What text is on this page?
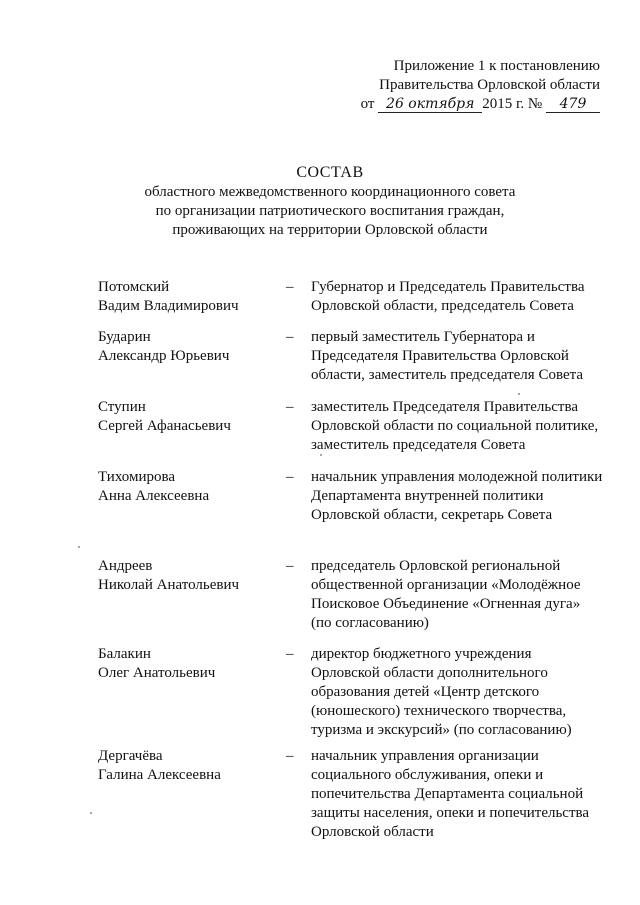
Приложение 1 к постановлению
Правительства Орловской области
от 26 октября 2015 г. № 479
СОСТАВ
областного межведомственного координационного совета
по организации патриотического воспитания граждан,
проживающих на территории Орловской области
Потомский
Вадим Владимирович
– Губернатор и Председатель Правительства Орловской области, председатель Совета
Бударин
Александр Юрьевич
– первый заместитель Губернатора и Председателя Правительства Орловской области, заместитель председателя Совета
Ступин
Сергей Афанасьевич
– заместитель Председателя Правительства Орловской области по социальной политике, заместитель председателя Совета
Тихомирова
Анна Алексеевна
– начальник управления молодежной политики Департамента внутренней политики Орловской области, секретарь Совета
Андреев
Николай Анатольевич
– председатель Орловской региональной общественной организации «Молодёжное Поисковое Объединение «Огненная дуга» (по согласованию)
Балакин
Олег Анатольевич
– директор бюджетного учреждения Орловской области дополнительного образования детей «Центр детского (юношеского) технического творчества, туризма и экскурсий» (по согласованию)
Дергачёва
Галина Алексеевна
– начальник управления организации социального обслуживания, опеки и попечительства Департамента социальной защиты населения, опеки и попечительства Орловской области
